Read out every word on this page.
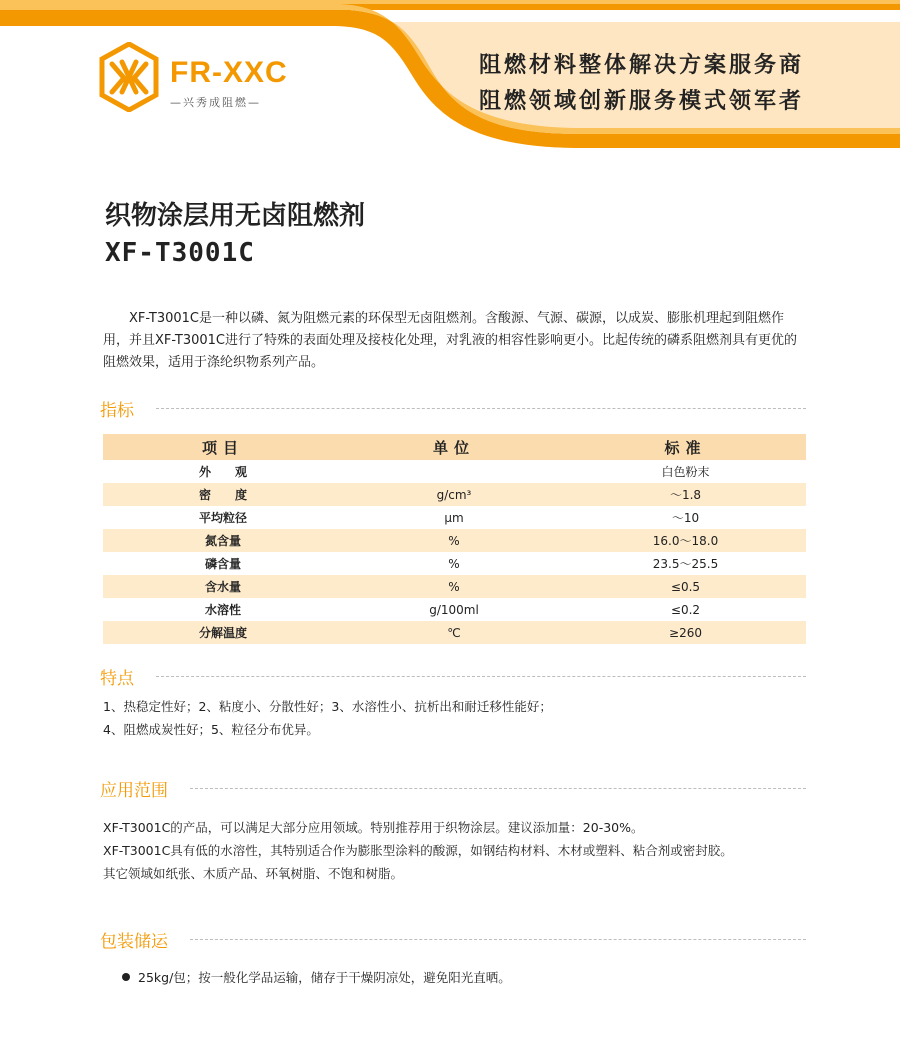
FR-XXC
—兴秀成阻燃—
阻燃材料整体解决方案服务商
阻燃领域创新服务模式领军者
织物涂层用无卤阻燃剂
XF-T3001C
XF-T3001C是一种以磷、氮为阻燃元素的环保型无卤阻燃剂。含酸源、气源、碳源，以成炭、膨胀机理起到阻燃作用，并且XF-T3001C进行了特殊的表面处理及接枝化处理，对乳液的相容性影响更小。比起传统的磷系阻燃剂具有更优的阻燃效果，适用于涤纶织物系列产品。
指标
项目	单位	标准
外　　观		白色粉末
密　　度	g/cm³	～1.8
平均粒径	μm	～10
氮含量	%	16.0～18.0
磷含量	%	23.5～25.5
含水量	%	≤0.5
水溶性	g/100ml	≤0.2
分解温度	℃	≥260
特点
1、热稳定性好；2、粘度小、分散性好；3、水溶性小、抗析出和耐迁移性能好；
4、阻燃成炭性好；5、粒径分布优异。
应用范围
XF-T3001C的产品，可以满足大部分应用领域。特别推荐用于织物涂层。建议添加量：20-30%。
XF-T3001C具有低的水溶性，其特别适合作为膨胀型涂料的酸源，如钢结构材料、木材或塑料、粘合剂或密封胶。
其它领域如纸张、木质产品、环氧树脂、不饱和树脂。
包装储运
25kg/包；按一般化学品运输，储存于干燥阴凉处，避免阳光直晒。
